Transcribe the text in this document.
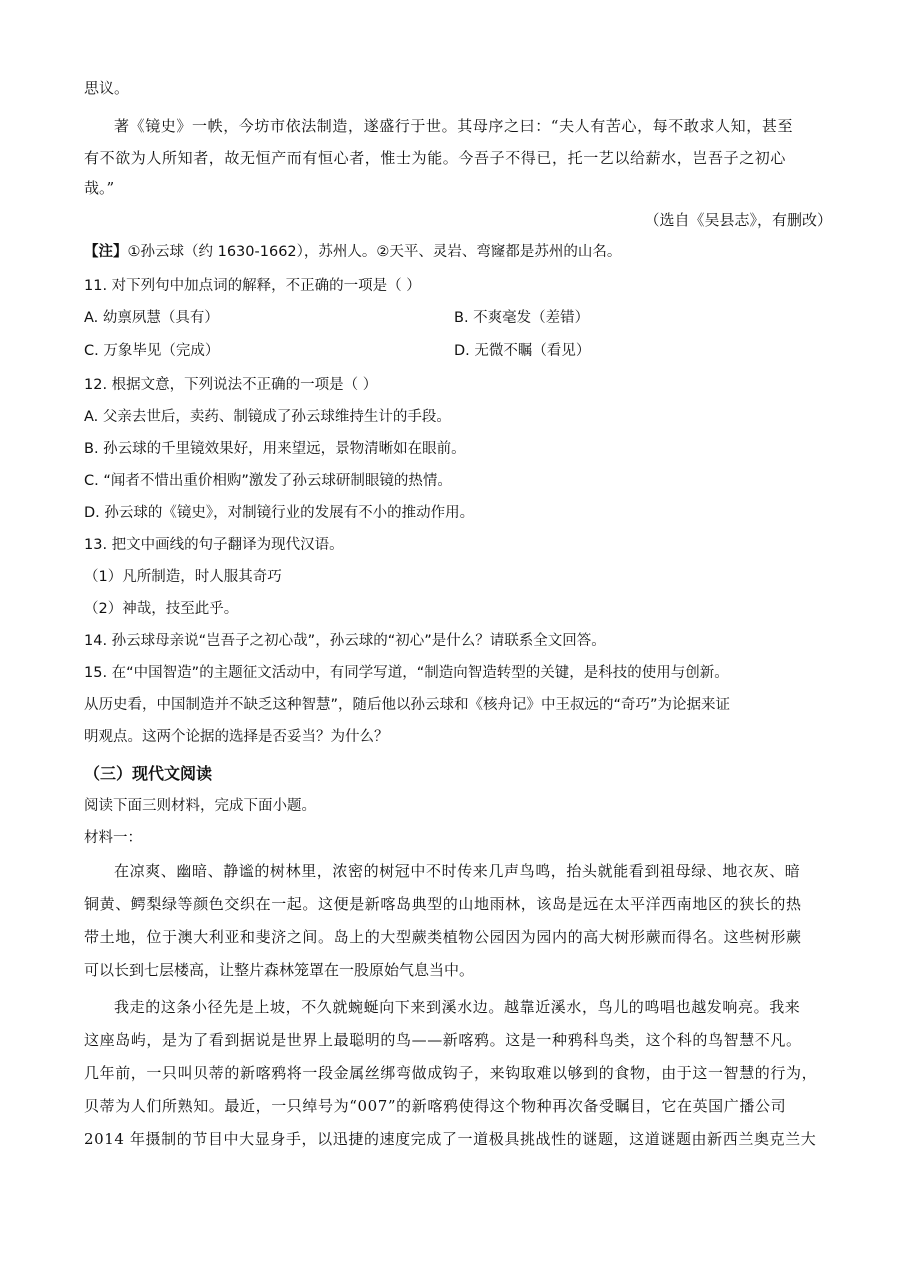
思议。
著《镜史》一帙，今坊市依法制造，遂盛行于世。其母序之曰：“夫人有苦心，每不敢求人知，甚至
有不欲为人所知者，故无恒产而有恒心者，惟士为能。今吾子不得已，托一艺以给薪水，岂吾子之初心
哉。”
（选自《吴县志》，有删改）
【注】①孙云球（约 1630-1662），苏州人。②天平、灵岩、弯窿都是苏州的山名。
11. 对下列句中加点词的解释，不正确的一项是（ ）
A. 幼禀夙慧（具有）	B. 不爽毫发（差错）
C. 万象毕见（完成）	D. 无微不瞩（看见）
12. 根据文意，下列说法不正确的一项是（ ）
A. 父亲去世后，卖药、制镜成了孙云球维持生计的手段。
B. 孙云球的千里镜效果好，用来望远，景物清晰如在眼前。
C. “闻者不惜出重价相购”激发了孙云球研制眼镜的热情。
D. 孙云球的《镜史》，对制镜行业的发展有不小的推动作用。
13. 把文中画线的句子翻译为现代汉语。
（1）凡所制造，时人服其奇巧
（2）神哉，技至此乎。
14. 孙云球母亲说“岂吾子之初心哉”，孙云球的“初心”是什么？请联系全文回答。
15. 在“中国智造”的主题征文活动中，有同学写道，“制造向智造转型的关键，是科技的使用与创新。
从历史看，中国制造并不缺乏这种智慧”，随后他以孙云球和《核舟记》中王叔远的“奇巧”为论据来证
明观点。这两个论据的选择是否妥当？为什么？
（三）现代文阅读
阅读下面三则材料，完成下面小题。
材料一：
在凉爽、幽暗、静谧的树林里，浓密的树冠中不时传来几声鸟鸣，抬头就能看到祖母绿、地衣灰、暗
铜黄、鳄梨绿等颜色交织在一起。这便是新喀岛典型的山地雨林，该岛是远在太平洋西南地区的狭长的热
带土地，位于澳大利亚和斐济之间。岛上的大型蕨类植物公园因为园内的高大树形蕨而得名。这些树形蕨
可以长到七层楼高，让整片森林笼罩在一股原始气息当中。
我走的这条小径先是上坡，不久就蜿蜒向下来到溪水边。越靠近溪水，鸟儿的鸣唱也越发响亮。我来
这座岛屿，是为了看到据说是世界上最聪明的鸟——新喀鸦。这是一种鸦科鸟类，这个科的鸟智慧不凡。
几年前，一只叫贝蒂的新喀鸦将一段金属丝绑弯做成钩子，来钩取难以够到的食物，由于这一智慧的行为，
贝蒂为人们所熟知。最近，一只绰号为“007”的新喀鸦使得这个物种再次备受瞩目，它在英国广播公司
2014 年摄制的节目中大显身手，以迅捷的速度完成了一道极具挑战性的谜题，这道谜题由新西兰奥克兰大
